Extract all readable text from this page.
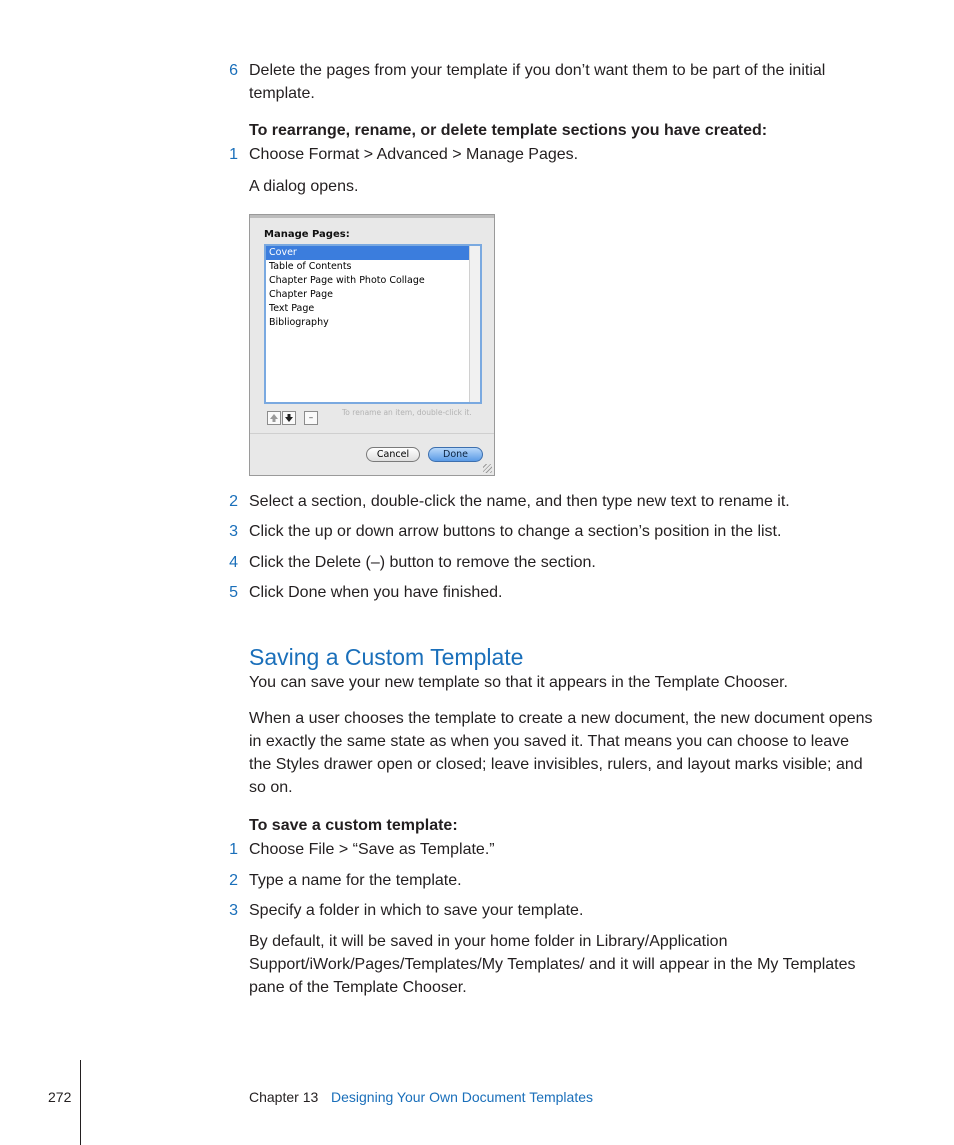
6 Delete the pages from your template if you don’t want them to be part of the initial template.
To rearrange, rename, or delete template sections you have created:
1 Choose Format > Advanced > Manage Pages.
A dialog opens.
Manage Pages:
Cover
Table of Contents
Chapter Page with Photo Collage
Chapter Page
Text Page
Bibliography
–
To rename an item, double-click it.
Cancel	Done
2 Select a section, double-click the name, and then type new text to rename it.
3 Click the up or down arrow buttons to change a section’s position in the list.
4 Click the Delete (–) button to remove the section.
5 Click Done when you have finished.
Saving a Custom Template
You can save your new template so that it appears in the Template Chooser.
When a user chooses the template to create a new document, the new document opens in exactly the same state as when you saved it. That means you can choose to leave the Styles drawer open or closed; leave invisibles, rulers, and layout marks visible; and so on.
To save a custom template:
1 Choose File > “Save as Template.”
2 Type a name for the template.
3 Specify a folder in which to save your template.
By default, it will be saved in your home folder in Library/Application Support/iWork/Pages/Templates/My Templates/ and it will appear in the My Templates pane of the Template Chooser.
272	Chapter 13 Designing Your Own Document Templates
